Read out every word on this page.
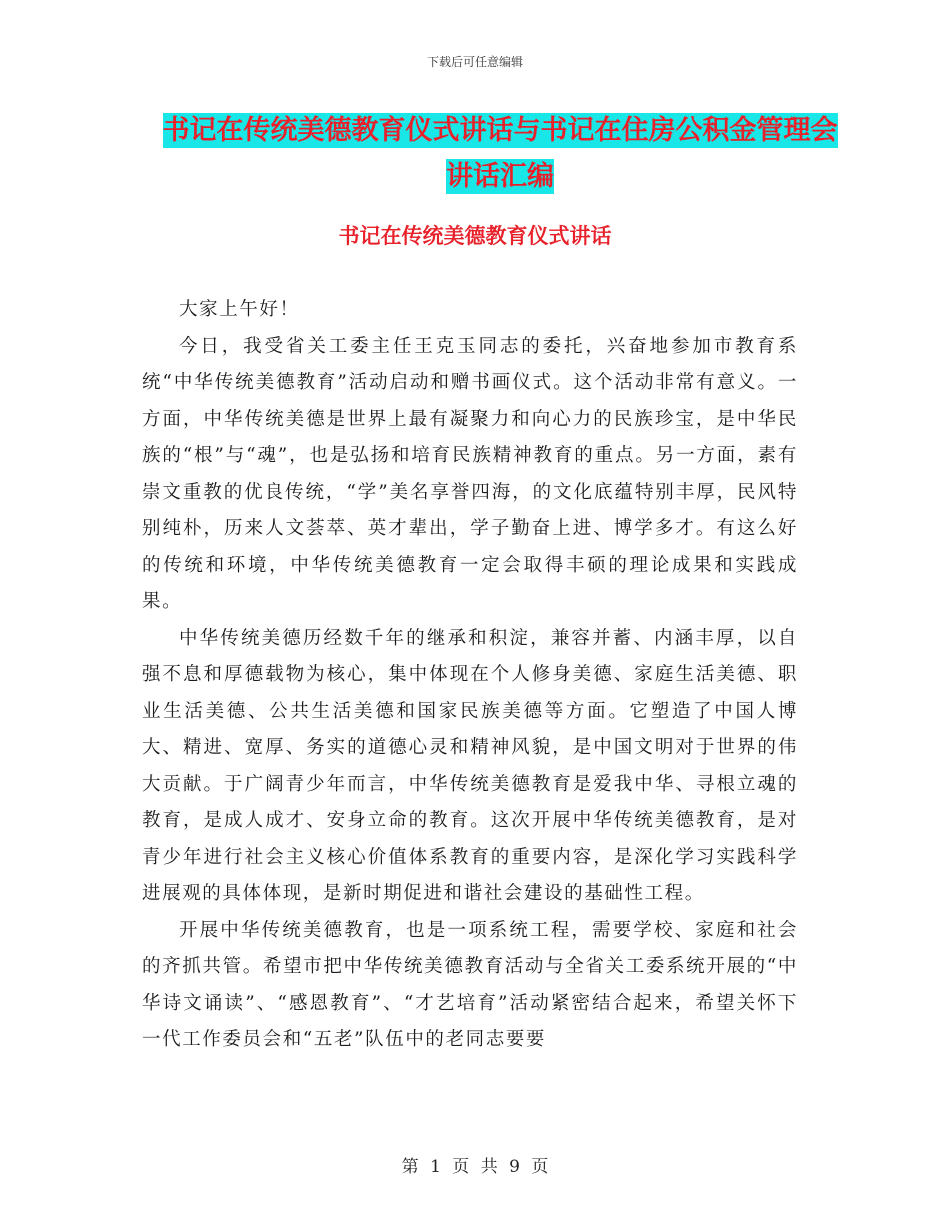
下载后可任意编辑
书记在传统美德教育仪式讲话与书记在住房公积金管理会讲话汇编
书记在传统美德教育仪式讲话

大家上午好！

今日，我受省关工委主任王克玉同志的委托，兴奋地参加市教育系统“中华传统美德教育”活动启动和赠书画仪式。这个活动非常有意义。一方面，中华传统美德是世界上最有凝聚力和向心力的民族珍宝，是中华民族的“根”与“魂”，也是弘扬和培育民族精神教育的重点。另一方面，素有崇文重教的优良传统，“学”美名享誉四海，的文化底蕴特别丰厚，民风特别纯朴，历来人文荟萃、英才辈出，学子勤奋上进、博学多才。有这么好的传统和环境，中华传统美德教育一定会取得丰硕的理论成果和实践成果。

中华传统美德历经数千年的继承和积淀，兼容并蓄、内涵丰厚，以自强不息和厚德载物为核心，集中体现在个人修身美德、家庭生活美德、职业生活美德、公共生活美德和国家民族美德等方面。它塑造了中国人博大、精进、宽厚、务实的道德心灵和精神风貌，是中国文明对于世界的伟大贡献。于广阔青少年而言，中华传统美德教育是爱我中华、寻根立魂的教育，是成人成才、安身立命的教育。这次开展中华传统美德教育，是对青少年进行社会主义核心价值体系教育的重要内容，是深化学习实践科学进展观的具体体现，是新时期促进和谐社会建设的基础性工程。

开展中华传统美德教育，也是一项系统工程，需要学校、家庭和社会的齐抓共管。希望市把中华传统美德教育活动与全省关工委系统开展的“中华诗文诵读”、“感恩教育”、“才艺培育”活动紧密结合起来，希望关怀下一代工作委员会和“五老”队伍中的老同志要要

第 1 页 共 9 页
